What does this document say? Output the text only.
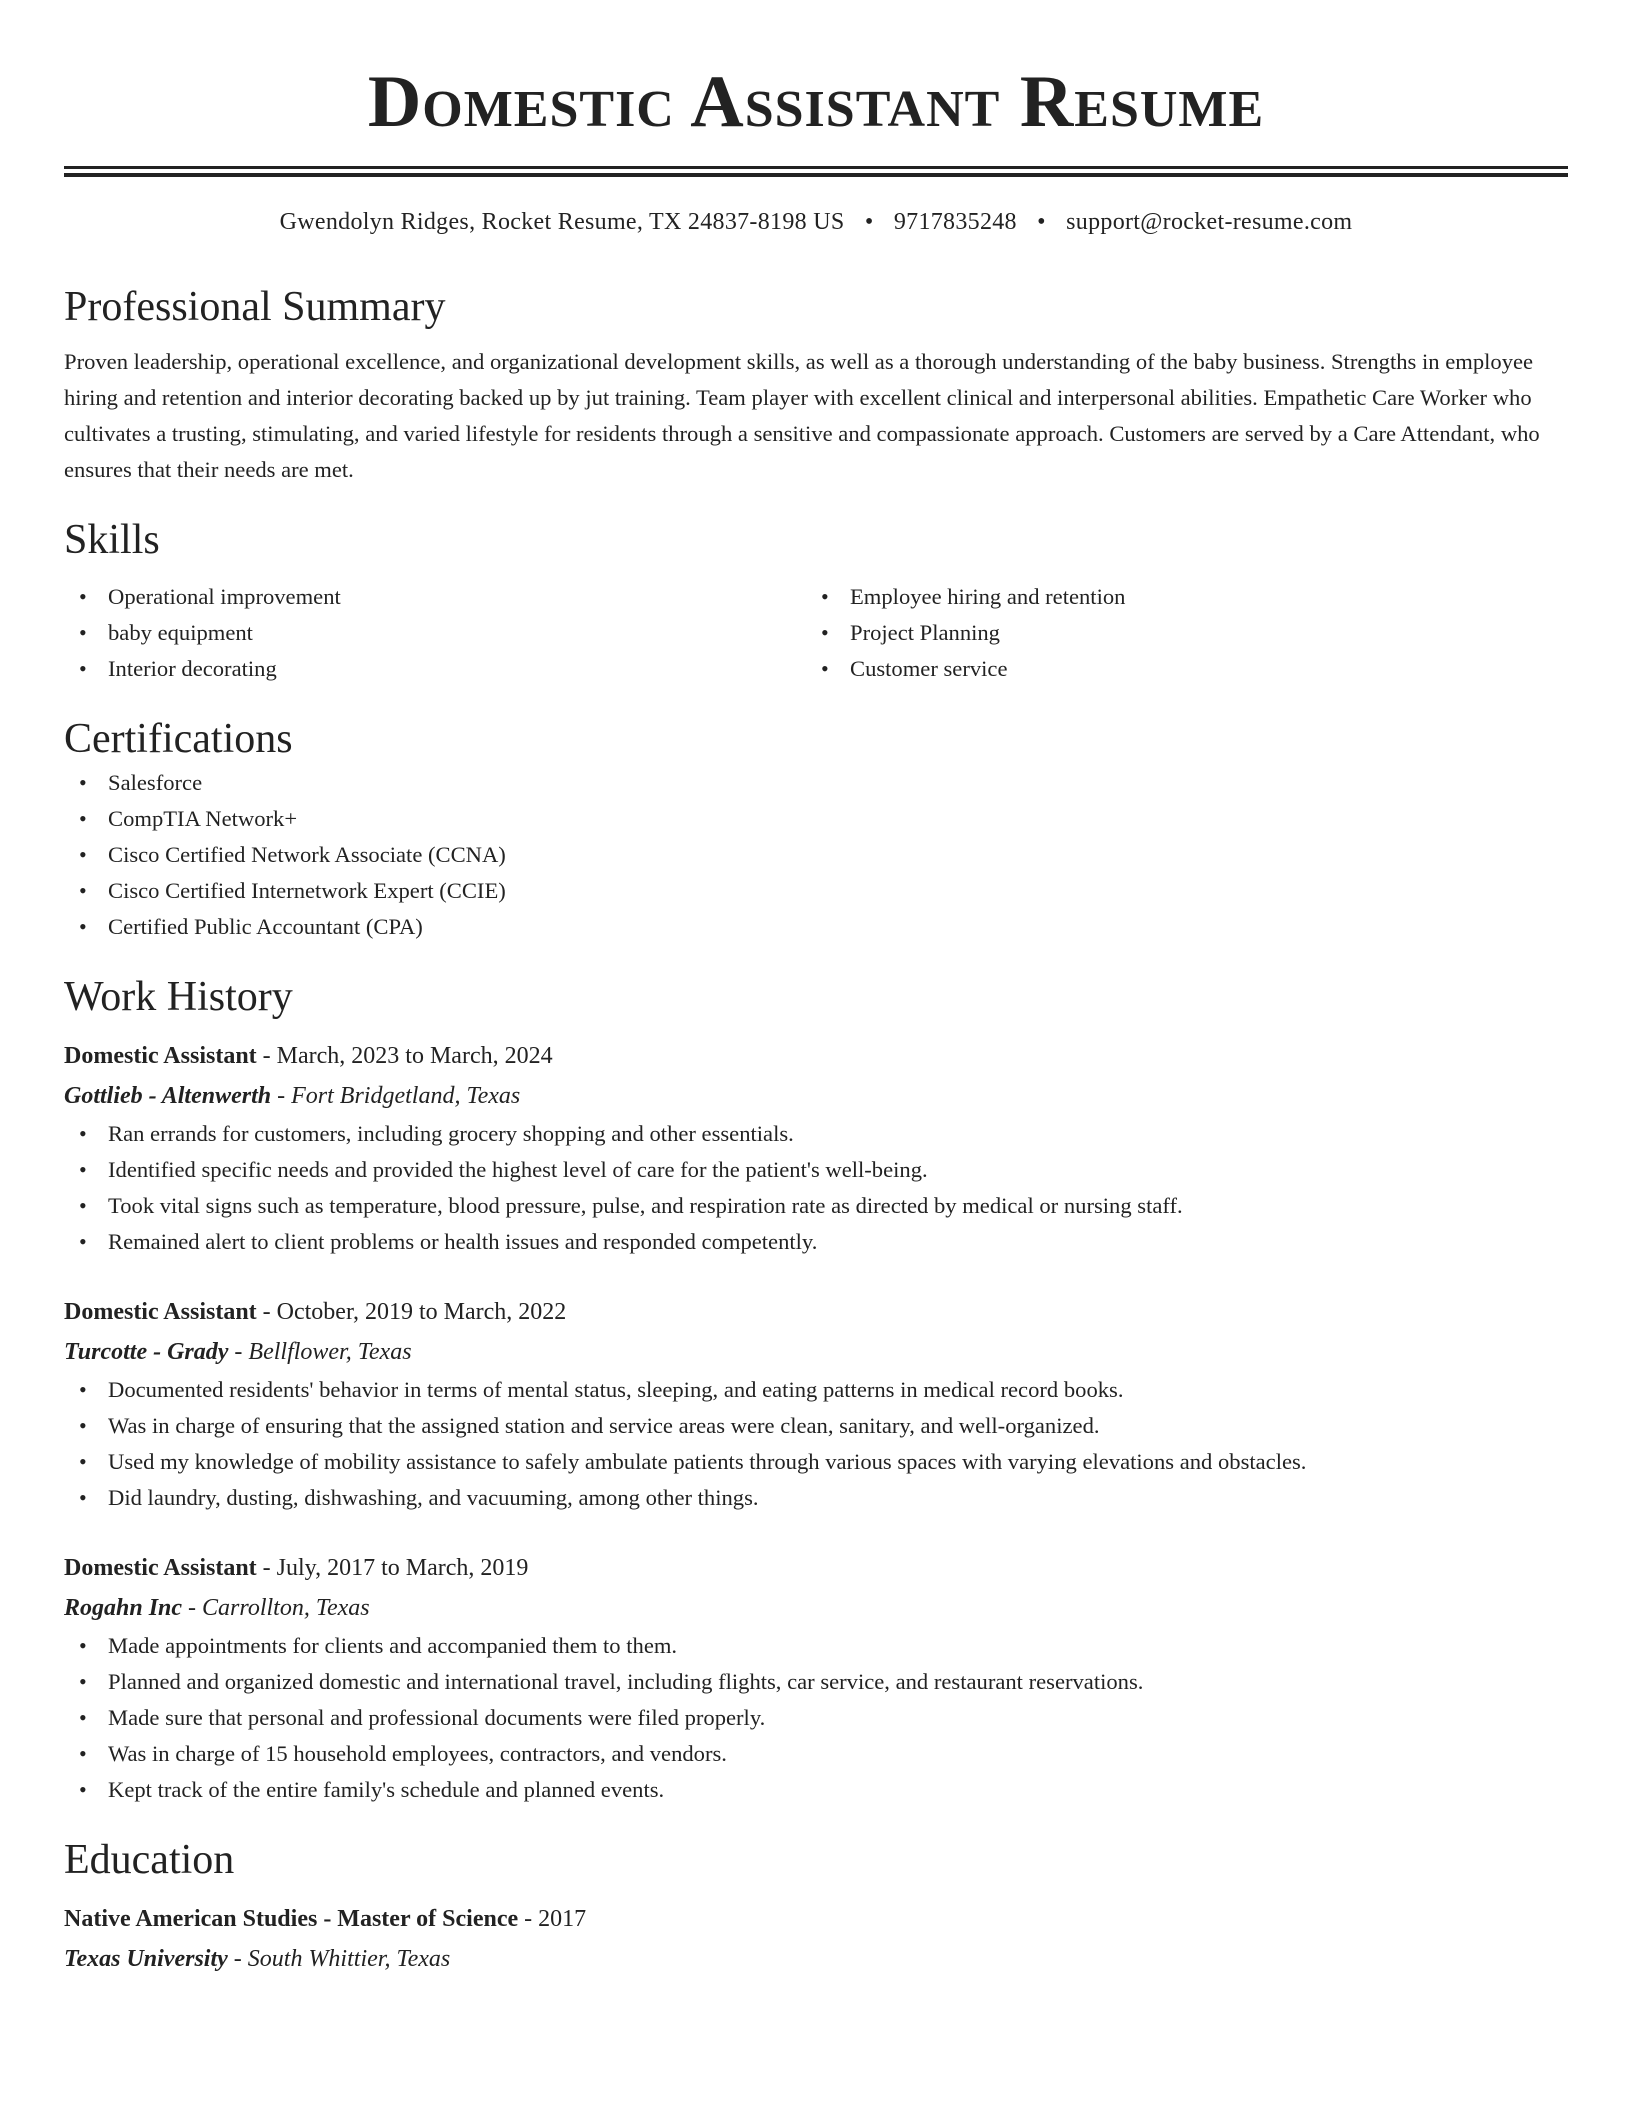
Domestic Assistant Resume
Gwendolyn Ridges, Rocket Resume, TX 24837-8198 US • 9717835248 • support@rocket-resume.com
Professional Summary

Proven leadership, operational excellence, and organizational development skills, as well as a thorough understanding of the baby business. Strengths in employee hiring and retention and interior decorating backed up by jut training. Team player with excellent clinical and interpersonal abilities. Empathetic Care Worker who cultivates a trusting, stimulating, and varied lifestyle for residents through a sensitive and compassionate approach. Customers are served by a Care Attendant, who ensures that their needs are met.

Skills
• Operational improvement
• baby equipment
• Interior decorating
• Employee hiring and retention
• Project Planning
• Customer service
Certifications
• Salesforce
• CompTIA Network+
• Cisco Certified Network Associate (CCNA)
• Cisco Certified Internetwork Expert (CCIE)
• Certified Public Accountant (CPA)
Work History
Domestic Assistant - March, 2023 to March, 2024
Gottlieb - Altenwerth - Fort Bridgetland, Texas
• Ran errands for customers, including grocery shopping and other essentials.
• Identified specific needs and provided the highest level of care for the patient's well-being.
• Took vital signs such as temperature, blood pressure, pulse, and respiration rate as directed by medical or nursing staff.
• Remained alert to client problems or health issues and responded competently.
Domestic Assistant - October, 2019 to March, 2022
Turcotte - Grady - Bellflower, Texas
• Documented residents' behavior in terms of mental status, sleeping, and eating patterns in medical record books.
• Was in charge of ensuring that the assigned station and service areas were clean, sanitary, and well-organized.
• Used my knowledge of mobility assistance to safely ambulate patients through various spaces with varying elevations and obstacles.
• Did laundry, dusting, dishwashing, and vacuuming, among other things.
Domestic Assistant - July, 2017 to March, 2019
Rogahn Inc - Carrollton, Texas
• Made appointments for clients and accompanied them to them.
• Planned and organized domestic and international travel, including flights, car service, and restaurant reservations.
• Made sure that personal and professional documents were filed properly.
• Was in charge of 15 household employees, contractors, and vendors.
• Kept track of the entire family's schedule and planned events.
Education
Native American Studies - Master of Science - 2017
Texas University - South Whittier, Texas
